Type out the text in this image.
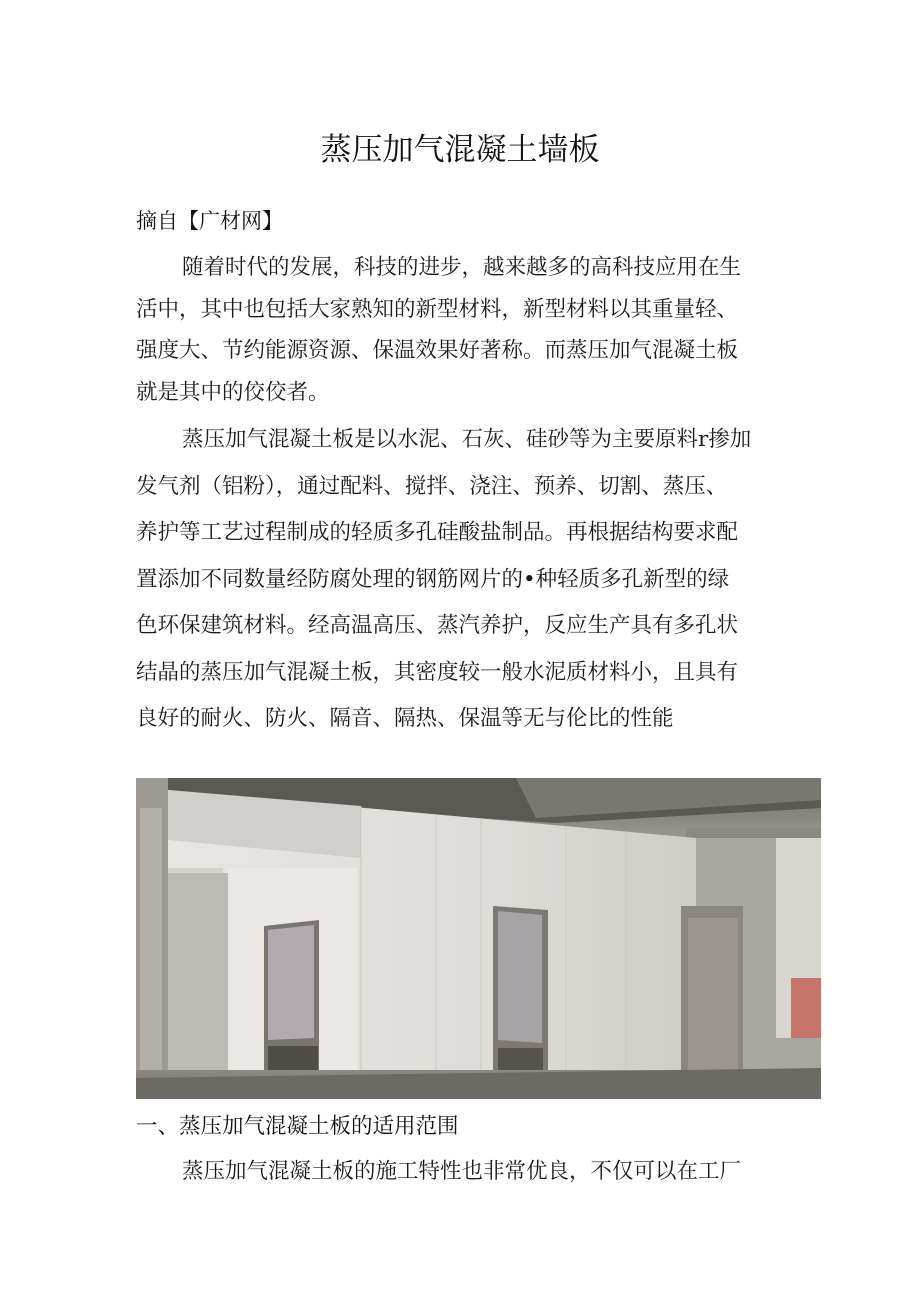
蒸压加气混凝土墙板
摘自【广材网】
随着时代的发展，科技的进步，越来越多的高科技应用在生
活中，其中也包括大家熟知的新型材料，新型材料以其重量轻、
强度大、节约能源资源、保温效果好著称。而蒸压加气混凝土板
就是其中的佼佼者。
蒸压加气混凝土板是以水泥、石灰、硅砂等为主要原料r掺加
发气剂（铝粉），通过配料、搅拌、浇注、预养、切割、蒸压、
养护等工艺过程制成的轻质多孔硅酸盐制品。再根据结构要求配
置添加不同数量经防腐处理的钢筋网片的•种轻质多孔新型的绿
色环保建筑材料。经高温高压、蒸汽养护，反应生产具有多孔状
结晶的蒸压加气混凝土板，其密度较一般水泥质材料小，且具有
良好的耐火、防火、隔音、隔热、保温等无与伦比的性能
一、蒸压加气混凝土板的适用范围
蒸压加气混凝土板的施工特性也非常优良，不仅可以在工厂
